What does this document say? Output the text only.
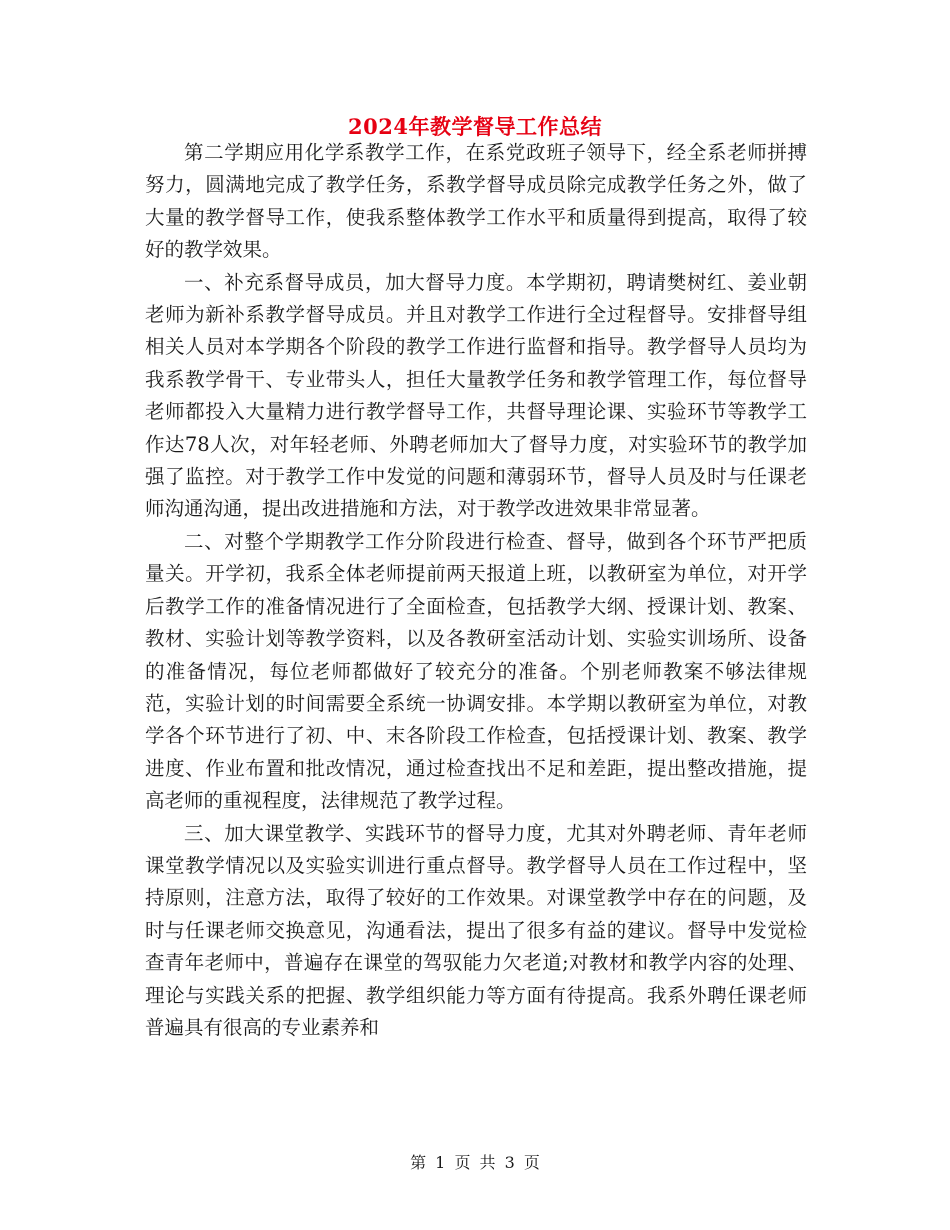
2024年教学督导工作总结

第二学期应用化学系教学工作，在系党政班子领导下，经全系老师拼搏努力，圆满地完成了教学任务，系教学督导成员除完成教学任务之外，做了大量的教学督导工作，使我系整体教学工作水平和质量得到提高，取得了较好的教学效果。

一、补充系督导成员，加大督导力度。本学期初，聘请樊树红、姜业朝老师为新补系教学督导成员。并且对教学工作进行全过程督导。安排督导组相关人员对本学期各个阶段的教学工作进行监督和指导。教学督导人员均为我系教学骨干、专业带头人，担任大量教学任务和教学管理工作，每位督导老师都投入大量精力进行教学督导工作，共督导理论课、实验环节等教学工作达78人次，对年轻老师、外聘老师加大了督导力度，对实验环节的教学加强了监控。对于教学工作中发觉的问题和薄弱环节，督导人员及时与任课老师沟通沟通，提出改进措施和方法，对于教学改进效果非常显著。

二、对整个学期教学工作分阶段进行检查、督导，做到各个环节严把质量关。开学初，我系全体老师提前两天报道上班，以教研室为单位，对开学后教学工作的准备情况进行了全面检查，包括教学大纲、授课计划、教案、教材、实验计划等教学资料，以及各教研室活动计划、实验实训场所、设备的准备情况，每位老师都做好了较充分的准备。个别老师教案不够法律规范，实验计划的时间需要全系统一协调安排。本学期以教研室为单位，对教学各个环节进行了初、中、末各阶段工作检查，包括授课计划、教案、教学进度、作业布置和批改情况，通过检查找出不足和差距，提出整改措施，提高老师的重视程度，法律规范了教学过程。

三、加大课堂教学、实践环节的督导力度，尤其对外聘老师、青年老师课堂教学情况以及实验实训进行重点督导。教学督导人员在工作过程中，坚持原则，注意方法，取得了较好的工作效果。对课堂教学中存在的问题，及时与任课老师交换意见，沟通看法，提出了很多有益的建议。督导中发觉检查青年老师中，普遍存在课堂的驾驭能力欠老道;对教材和教学内容的处理、理论与实践关系的把握、教学组织能力等方面有待提高。我系外聘任课老师普遍具有很高的专业素养和

第 1 页 共 3 页
